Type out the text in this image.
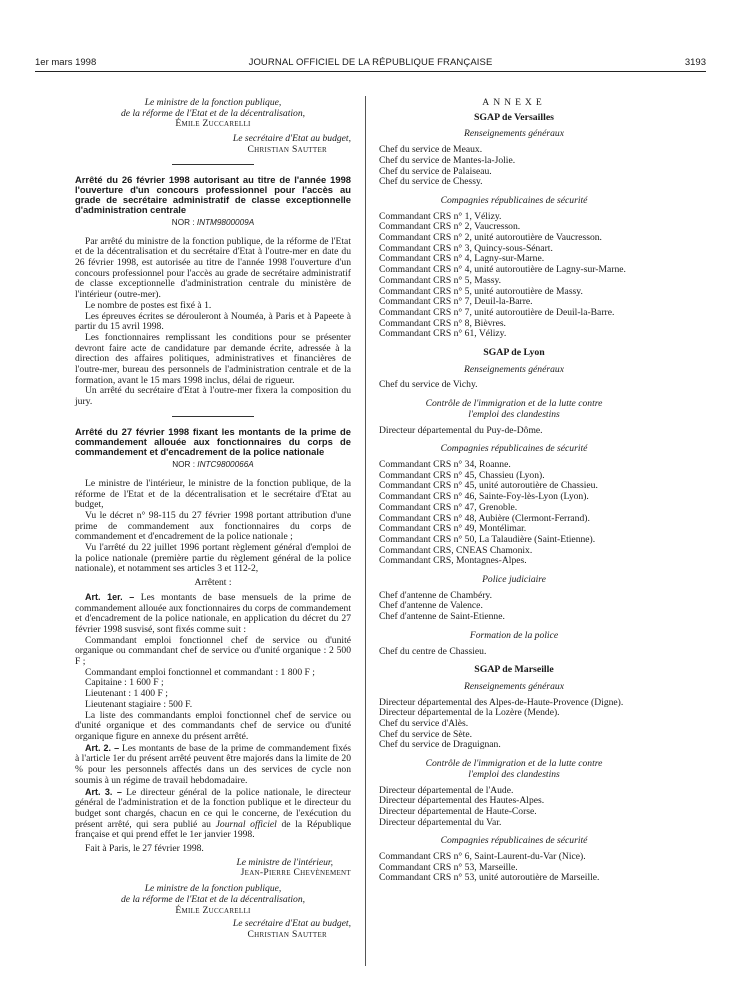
1er mars 1998	JOURNAL OFFICIEL DE LA RÉPUBLIQUE FRANÇAISE	3193
Le ministre de la fonction publique,
de la réforme de l'Etat et de la décentralisation,
Émile Zuccarelli
Le secrétaire d'Etat au budget,
Christian Sautter
Arrêté du 26 février 1998 autorisant au titre de l'année 1998 l'ouverture d'un concours professionnel pour l'accès au grade de secrétaire administratif de classe exceptionnelle d'administration centrale
NOR : INTM9800009A

Par arrêté du ministre de la fonction publique, de la réforme de l'Etat et de la décentralisation et du secrétaire d'Etat à l'outre-mer en date du 26 février 1998, est autorisée au titre de l'année 1998 l'ouverture d'un concours professionnel pour l'accès au grade de secrétaire administratif de classe exceptionnelle d'administration centrale du ministère de l'intérieur (outre-mer).

Le nombre de postes est fixé à 1.

Les épreuves écrites se dérouleront à Nouméa, à Paris et à Papeete à partir du 15 avril 1998.

Les fonctionnaires remplissant les conditions pour se présenter devront faire acte de candidature par demande écrite, adressée à la direction des affaires politiques, administratives et financières de l'outre-mer, bureau des personnels de l'administration centrale et de la formation, avant le 15 mars 1998 inclus, délai de rigueur.

Un arrêté du secrétaire d'Etat à l'outre-mer fixera la composition du jury.

Arrêté du 27 février 1998 fixant les montants de la prime de commandement allouée aux fonctionnaires du corps de commandement et d'encadrement de la police nationale
NOR : INTC9800066A

Le ministre de l'intérieur, le ministre de la fonction publique, de la réforme de l'Etat et de la décentralisation et le secrétaire d'Etat au budget,

Vu le décret n° 98-115 du 27 février 1998 portant attribution d'une prime de commandement aux fonctionnaires du corps de commandement et d'encadrement de la police nationale ;

Vu l'arrêté du 22 juillet 1996 portant règlement général d'emploi de la police nationale (première partie du règlement général de la police nationale), et notamment ses articles 3 et 112-2,

Arrêtent :

Art. 1er. – Les montants de base mensuels de la prime de commandement allouée aux fonctionnaires du corps de commandement et d'encadrement de la police nationale, en application du décret du 27 février 1998 susvisé, sont fixés comme suit :

Commandant emploi fonctionnel chef de service ou d'unité organique ou commandant chef de service ou d'unité organique : 2 500 F ;

Commandant emploi fonctionnel et commandant : 1 800 F ;

Capitaine : 1 600 F ;

Lieutenant : 1 400 F ;

Lieutenant stagiaire : 500 F.

La liste des commandants emploi fonctionnel chef de service ou d'unité organique et des commandants chef de service ou d'unité organique figure en annexe du présent arrêté.

Art. 2. – Les montants de base de la prime de commandement fixés à l'article 1er du présent arrêté peuvent être majorés dans la limite de 20 % pour les personnels affectés dans un des services de cycle non soumis à un régime de travail hebdomadaire.

Art. 3. – Le directeur général de la police nationale, le directeur général de l'administration et de la fonction publique et le directeur du budget sont chargés, chacun en ce qui le concerne, de l'exécution du présent arrêté, qui sera publié au Journal officiel de la République française et qui prend effet le 1er janvier 1998.

Fait à Paris, le 27 février 1998.

Le ministre de l'intérieur,
Jean-Pierre Chevènement
Le ministre de la fonction publique,
de la réforme de l'Etat et de la décentralisation,
Émile Zuccarelli
Le secrétaire d'Etat au budget,
Christian Sautter
ANNEXE
SGAP de Versailles
Renseignements généraux
Chef du service de Meaux.
Chef du service de Mantes-la-Jolie.
Chef du service de Palaiseau.
Chef du service de Chessy.
Compagnies républicaines de sécurité
Commandant CRS n° 1, Vélizy.
Commandant CRS n° 2, Vaucresson.
Commandant CRS n° 2, unité autoroutière de Vaucresson.
Commandant CRS n° 3, Quincy-sous-Sénart.
Commandant CRS n° 4, Lagny-sur-Marne.
Commandant CRS n° 4, unité autoroutière de Lagny-sur-Marne.
Commandant CRS n° 5, Massy.
Commandant CRS n° 5, unité autoroutière de Massy.
Commandant CRS n° 7, Deuil-la-Barre.
Commandant CRS n° 7, unité autoroutière de Deuil-la-Barre.
Commandant CRS n° 8, Bièvres.
Commandant CRS n° 61, Vélizy.
SGAP de Lyon
Renseignements généraux
Chef du service de Vichy.
Contrôle de l'immigration et de la lutte contre l'emploi des clandestins
Directeur départemental du Puy-de-Dôme.
Compagnies républicaines de sécurité
Commandant CRS n° 34, Roanne.
Commandant CRS n° 45, Chassieu (Lyon).
Commandant CRS n° 45, unité autoroutière de Chassieu.
Commandant CRS n° 46, Sainte-Foy-lès-Lyon (Lyon).
Commandant CRS n° 47, Grenoble.
Commandant CRS n° 48, Aubière (Clermont-Ferrand).
Commandant CRS n° 49, Montélimar.
Commandant CRS n° 50, La Talaudière (Saint-Etienne).
Commandant CRS, CNEAS Chamonix.
Commandant CRS, Montagnes-Alpes.
Police judiciaire
Chef d'antenne de Chambéry.
Chef d'antenne de Valence.
Chef d'antenne de Saint-Etienne.
Formation de la police
Chef du centre de Chassieu.
SGAP de Marseille
Renseignements généraux
Directeur départemental des Alpes-de-Haute-Provence (Digne).
Directeur départemental de la Lozère (Mende).
Chef du service d'Alès.
Chef du service de Sète.
Chef du service de Draguignan.
Contrôle de l'immigration et de la lutte contre l'emploi des clandestins
Directeur départemental de l'Aude.
Directeur départemental des Hautes-Alpes.
Directeur départemental de Haute-Corse.
Directeur départemental du Var.
Compagnies républicaines de sécurité
Commandant CRS n° 6, Saint-Laurent-du-Var (Nice).
Commandant CRS n° 53, Marseille.
Commandant CRS n° 53, unité autoroutière de Marseille.
